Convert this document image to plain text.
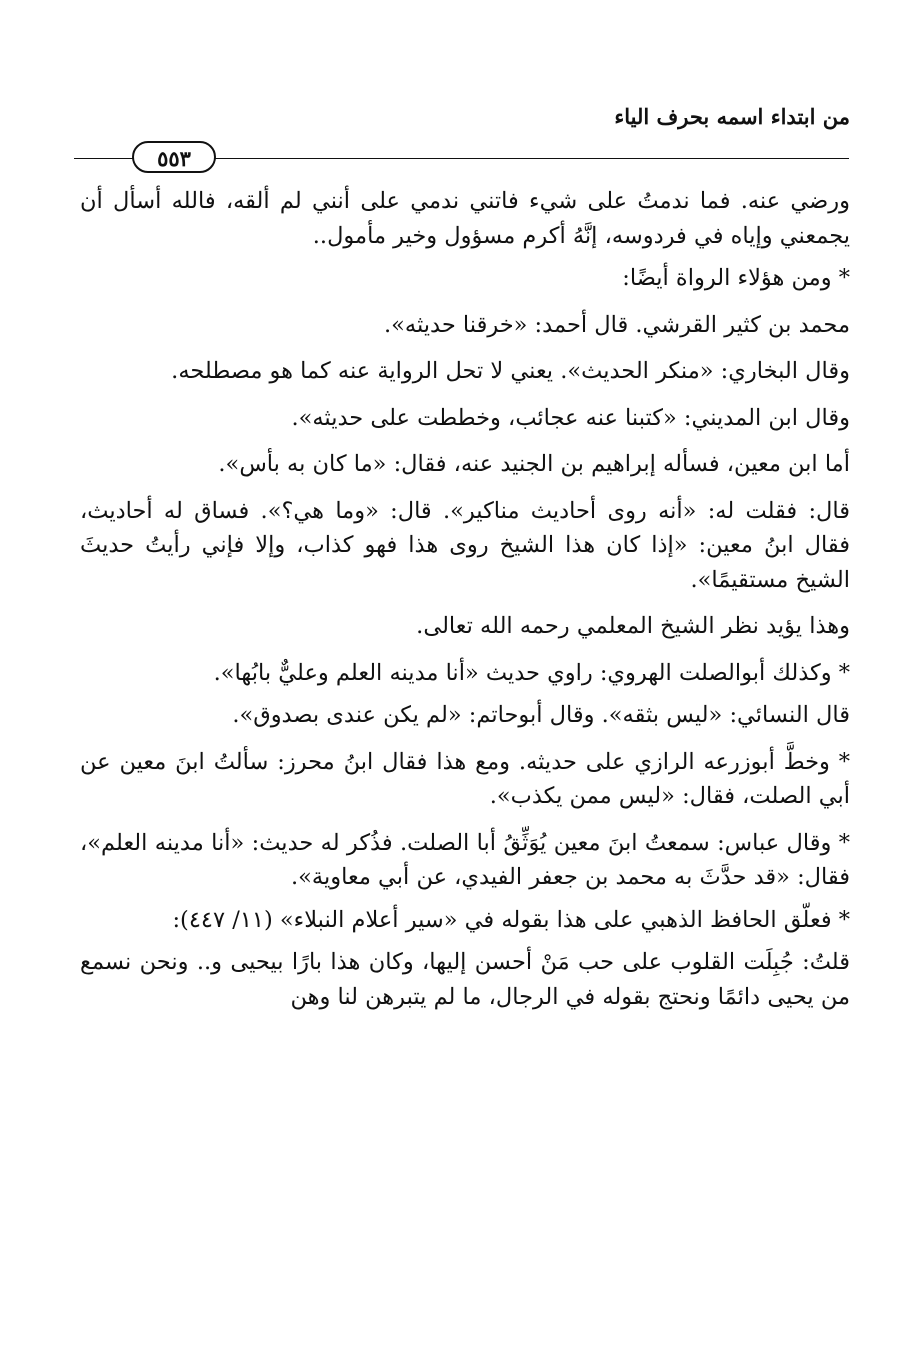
من ابتداء اسمه بحرف الياء
٥٥٣

ورضي عنه. فما ندمتُ على شيء فاتني ندمي على أنني لم ألقه، فالله أسأل أن يجمعني وإياه في فردوسه، إنَّهُ أكرم مسؤول وخير مأمول..

* ومن هؤلاء الرواة أيضًا:

محمد بن كثير القرشي. قال أحمد: «خرقنا حديثه».

وقال البخاري: «منكر الحديث». يعني لا تحل الرواية عنه كما هو مصطلحه.

وقال ابن المديني: «كتبنا عنه عجائب، وخططت على حديثه».

أما ابن معين، فسأله إبراهيم بن الجنيد عنه، فقال: «ما كان به بأس».

قال: فقلت له: «أنه روى أحاديث مناكير». قال: «وما هي؟». فساق له أحاديث، فقال ابنُ معين: «إذا كان هذا الشيخ روى هذا فهو كذاب، وإلا فإني رأيتُ حديثَ الشيخ مستقيمًا».

وهذا يؤيد نظر الشيخ المعلمي رحمه الله تعالى.

* وكذلك أبوالصلت الهروي: راوي حديث «أنا مدينه العلم وعليٌّ بابُها».

قال النسائي: «ليس بثقه». وقال أبوحاتم: «لم يكن عندى بصدوق».

* وخطَّ أبوزرعه الرازي على حديثه. ومع هذا فقال ابنُ محرز: سألتُ ابنَ معين عن أبي الصلت، فقال: «ليس ممن يكذب».

* وقال عباس: سمعتُ ابنَ معين يُوَثِّقُ أبا الصلت. فذُكر له حديث: «أنا مدينه العلم»، فقال: «قد حدَّثَ به محمد بن جعفر الفيدي، عن أبي معاوية».

* فعلّق الحافظ الذهبي على هذا بقوله في «سير أعلام النبلاء» (١١/ ٤٤٧):

قلتُ: جُبِلَت القلوب على حب مَنْ أحسن إليها، وكان هذا بارًا بيحيى و.. ونحن نسمع من يحيى دائمًا ونحتج بقوله في الرجال، ما لم يتبرهن لنا وهن
